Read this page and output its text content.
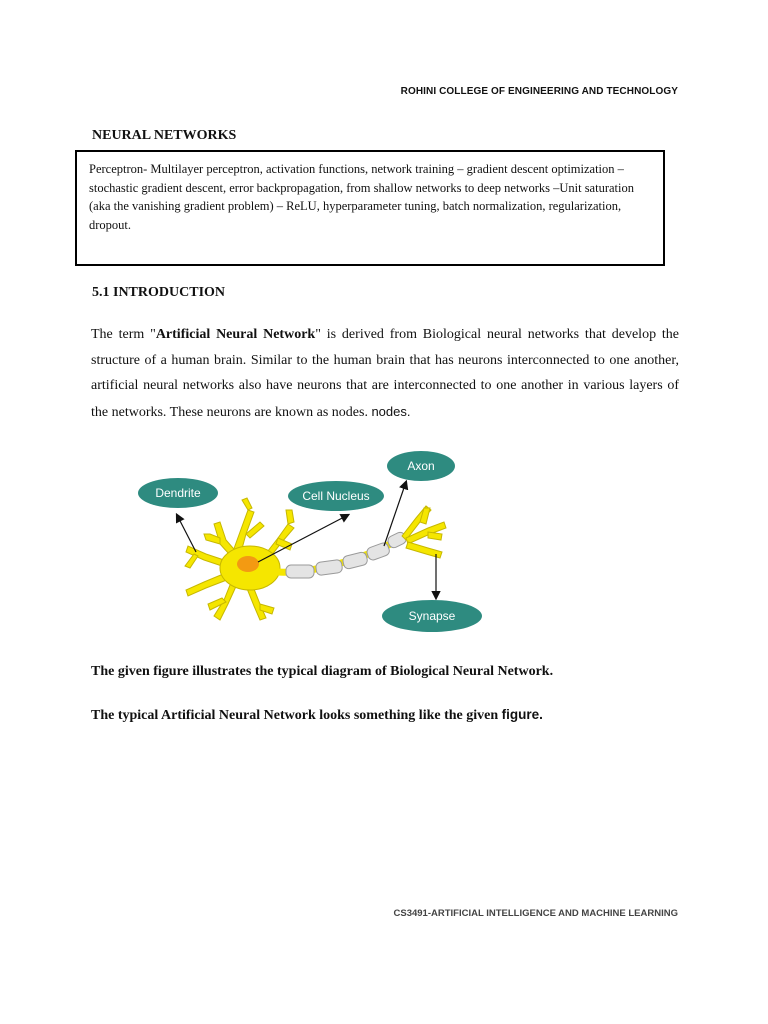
ROHINI COLLEGE OF ENGINEERING AND TECHNOLOGY
NEURAL NETWORKS
Perceptron- Multilayer perceptron, activation functions, network training – gradient descent optimization – stochastic gradient descent, error backpropagation, from shallow networks to deep networks –Unit saturation (aka the vanishing gradient problem) – ReLU, hyperparameter tuning, batch normalization, regularization, dropout.
5.1 INTRODUCTION
The term "Artificial Neural Network" is derived from Biological neural networks that develop the structure of a human brain. Similar to the human brain that has neurons interconnected to one another, artificial neural networks also have neurons that are interconnected to one another in various layers of the networks. These neurons are known as nodes. nodes.
Dendrite	Cell Nucleus
Axon
Synapse
The given figure illustrates the typical diagram of Biological Neural Network.
The typical Artificial Neural Network looks something like the given figure.
CS3491-ARTIFICIAL INTELLIGENCE AND MACHINE LEARNING
